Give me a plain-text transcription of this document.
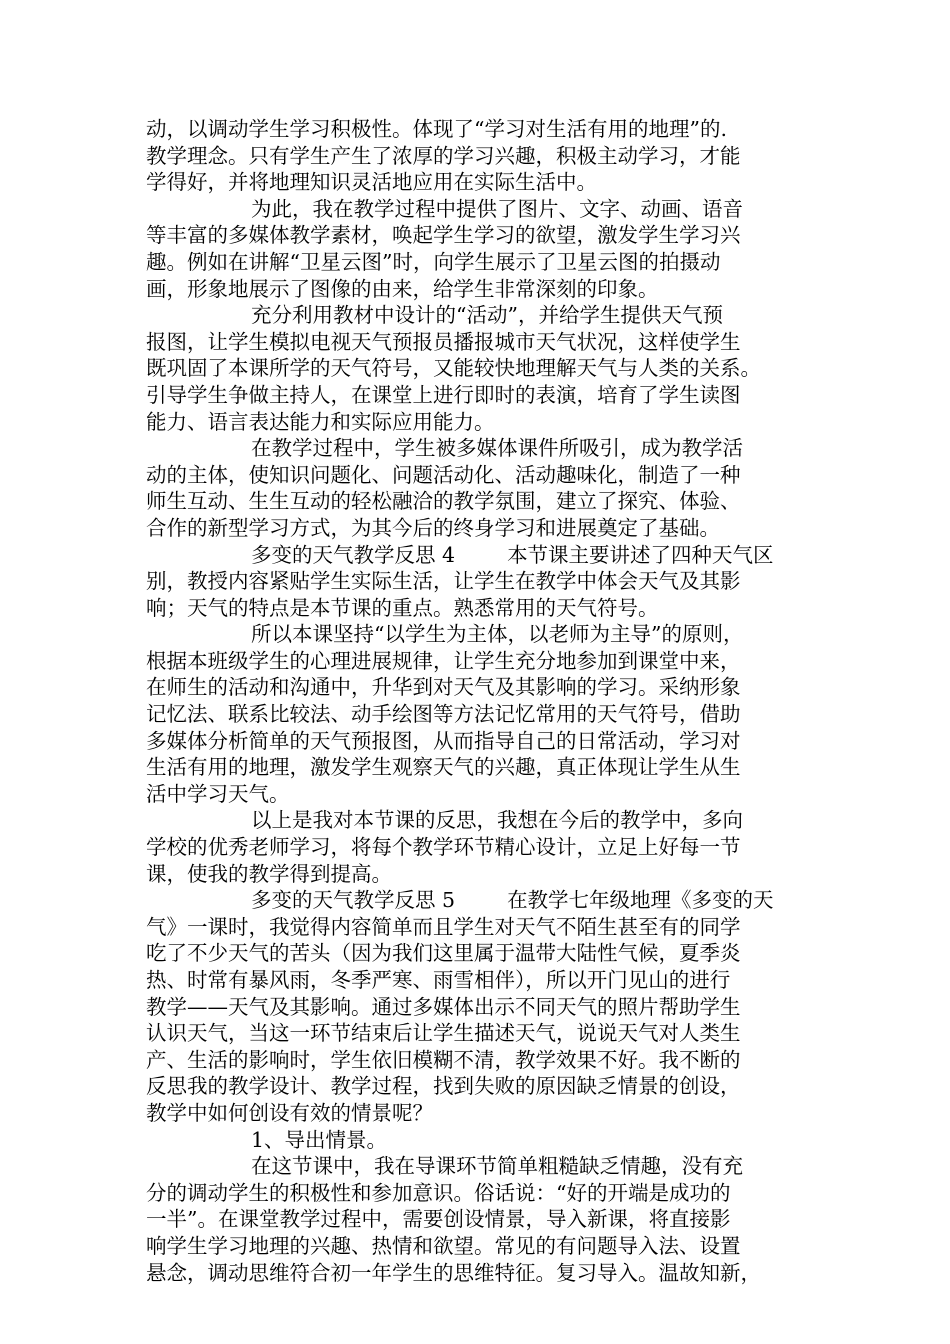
动，以调动学生学习积极性。体现了“学习对生活有用的地理”的.
教学理念。只有学生产生了浓厚的学习兴趣，积极主动学习，才能
学得好，并将地理知识灵活地应用在实际生活中。
为此，我在教学过程中提供了图片、文字、动画、语音
等丰富的多媒体教学素材，唤起学生学习的欲望，激发学生学习兴
趣。例如在讲解“卫星云图”时，向学生展示了卫星云图的拍摄动
画，形象地展示了图像的由来，给学生非常深刻的印象。
充分利用教材中设计的“活动”，并给学生提供天气预
报图，让学生模拟电视天气预报员播报城市天气状况，这样使学生
既巩固了本课所学的天气符号，又能较快地理解天气与人类的关系。
引导学生争做主持人，在课堂上进行即时的表演，培育了学生读图
能力、语言表达能力和实际应用能力。
在教学过程中，学生被多媒体课件所吸引，成为教学活
动的主体，使知识问题化、问题活动化、活动趣味化，制造了一种
师生互动、生生互动的轻松融洽的教学氛围，建立了探究、体验、
合作的新型学习方式，为其今后的终身学习和进展奠定了基础。
多变的天气教学反思 4	本节课主要讲述了四种天气区
别，教授内容紧贴学生实际生活，让学生在教学中体会天气及其影
响；天气的特点是本节课的重点。熟悉常用的天气符号。
所以本课坚持“以学生为主体，以老师为主导”的原则，
根据本班级学生的心理进展规律，让学生充分地参加到课堂中来，
在师生的活动和沟通中，升华到对天气及其影响的学习。采纳形象
记忆法、联系比较法、动手绘图等方法记忆常用的天气符号，借助
多媒体分析简单的天气预报图，从而指导自己的日常活动，学习对
生活有用的地理，激发学生观察天气的兴趣，真正体现让学生从生
活中学习天气。
以上是我对本节课的反思，我想在今后的教学中，多向
学校的优秀老师学习，将每个教学环节精心设计，立足上好每一节
课，使我的教学得到提高。
多变的天气教学反思 5	在教学七年级地理《多变的天
气》一课时，我觉得内容简单而且学生对天气不陌生甚至有的同学
吃了不少天气的苦头（因为我们这里属于温带大陆性气候，夏季炎
热、时常有暴风雨，冬季严寒、雨雪相伴），所以开门见山的进行
教学——天气及其影响。通过多媒体出示不同天气的照片帮助学生
认识天气，当这一环节结束后让学生描述天气，说说天气对人类生
产、生活的影响时，学生依旧模糊不清，教学效果不好。我不断的
反思我的教学设计、教学过程，找到失败的原因缺乏情景的创设，
教学中如何创设有效的情景呢？
1、导出情景。
在这节课中，我在导课环节简单粗糙缺乏情趣，没有充
分的调动学生的积极性和参加意识。俗话说：“好的开端是成功的
一半”。在课堂教学过程中，需要创设情景，导入新课，将直接影
响学生学习地理的兴趣、热情和欲望。常见的有问题导入法、设置
悬念，调动思维符合初一年学生的思维特征。复习导入。温故知新，
